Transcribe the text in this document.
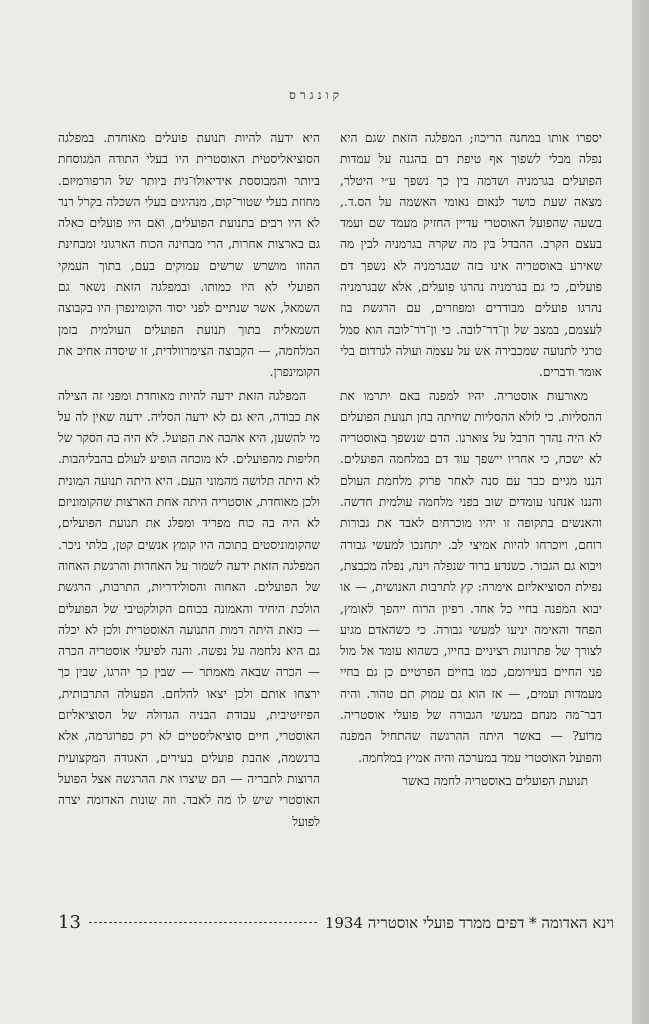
קונגרס

יספרו אותו במחנה הריכוז; המפלגה הזאת שגם היא נפלה מבלי לשפוך אף טיפת דם בהגנה על עמדות הפועלים בגרמניה ושדמה בין כך נשפך ע״י היטלר, מצאה שעת כושר לנאום נאומי האשמה על הס.ד., בשעה שהפועל האוסטרי עדיין החזיק מעמד שם ועמד בעצם הקרב. ההבדל בין מה שקרה בגרמניה לבין מה שאירע באוסטריה אינו בזה שבגרמניה לא נשפך דם פועלים, כי גם בגרמניה נהרגו פועלים, אלא שבגרמניה נהרגו פועלים מבודדים ומפוזרים, עם הרגשת בוז לעצמם, במצב של ון־דר־לובה. כי ון־דר־לובה הוא סמל טרגי לתנועה שמכבירה אש על עצמה ועולה לגרדום בלי אומר ודברים.

מאורעות אוסטריה. יהיו למפנה באם יתרמו את ההסליות. כי לולא ההסליות שחיתה בחן תנועת הפועלים לא היה נהדך הרבל על צוארנו. הדם שנשפך באוסטריה לא ישכח, כי אחריו יישפך עוד דם במלחמה הפועלים. הננו מגיים כבר עם סנה לאחר פרוק מלחמת העולם והננו אנחנו עומדים שוב בפני מלחמה עולמית חדשה. והאנשים בתקופה זו יהיו מוכרחים לאבד את גבורות רוחם, ויוכרחו להיות אמיצי לב. יתחנכו למעשי גבורה ויבוא גם הגבור. כשנדע ברוד שנפלה וינה, נפלה מכבצת, נפילת הסוציאליזם אימרה: קץ לתרבות האנושית, — או יבוא המפנה בחיי כל אחד. רפיון הרוח ייהפך לאומץ, הפחד והאימה יניעו למעשי גבורה. כי כשהאדם מגיע לצורך של פתרונות רציניים בחייו, כשהוא עומד אל מול פני החיים בעירומם, כמו בחיים הפרטיים כן גם בחיי מעמדות ועמים, — אז הוא גם עמוק תם טהור. והיה דבר־מה מנחם במעשי הגבורה של פועלי אוסטריה. מדוע? — באשר היתה ההרגשה שהתחיל המפנה והפועל האוסטרי עמד במערכה והיה אמיץ במלחמה.

תנועת הפועלים באוסטריה לחמה באשר

היא ידעה להיות תנועת פועלים מאוחדת. במפלגה הסוציאליסטית האוסטרית היו בעלי התודה המגוסחת ביותר והמבוססת אידיאולו־גית ביותר של הרפורמיזם. מחוזת בעלי שטור־קום, מנהיגים בעלי השכלה בקרל רנר לא היו רבים בתנועת הפועלים, ואם היו פועלים כאלה גם בארצות אחרות, הרי מבחינה הכוח הארגוני ומבחינת ההוזו מושרש שרשים עמוקים בעם, בתוך העמקי הפועלי לא היו כמותו. ובמפלגה הזאת נשאר גם השמאל, אשר שנתיים לפני יסוד הקומינפרן היו בקבוצה השמאלית בתוך תנועת הפועלים העולמית בזמן המלחמה, — הקבוצה הצימרוולדית, זו שיסדה אחיכ את הקומינפרן.

המפלגה הזאת ידעה להיות מאוחדת ומפני זה הצילה את כבודה, היא גם לא ידעה הסליה. ידעה שאין לה על מי להשען, היא אהבה את הפועל. לא היה בה הסקר של חליפות מהפועלים. לא מוכחה הופיע לעולם בהבליהבות. לא היתה תלושה מהמוני העם. היא היתה תנועה המונית ולכן מאוחדת, אוסטריה היתה אחת הארצות שהקומוניזם לא היה בה כוח מפריד ומפלג את תנועת הפועלים, שהקומוניסטים בתוכה היו קומץ אנשים קטן, בלתי ניכר. המפלגה הזאת ידעה לשמור על האחדות והרגשת האחוה של הפועלים. האחוה והסולידריות, התרבות, הרגשת הולכת היחיד והאמונה בכוחם הקולקטיבי של הפועלים — כזאת היתה דמות התנועה האוסטרית ולכן לא יכלה גם היא נלחמה על נפשה. והנה לפיעלי אוסטריה הכרה — הכרה שבאה מאמתר — שבין כך יהרגו, שבין כך ירצחו אותם ולכן יצאו להלחם. הפעולה התרבותית, הפיזיטיבית, עבודת הבניה הגדולה של הסוציאליזם האוסטרי, חיים סוציאליסטיים לא רק כפרוגרמה, אלא ברנשמה, אהבת פועלים בעירים, האגודה המקצועית הרוצות לתבריה — הם שיצרו את ההרגשה אצל הפועל האוסטרי שיש לו מה לאבד. וזה שונות האדומה יצרה לפועל

וינא האדומה * דפים ממרד פועלי אוסטריה 1934
13
